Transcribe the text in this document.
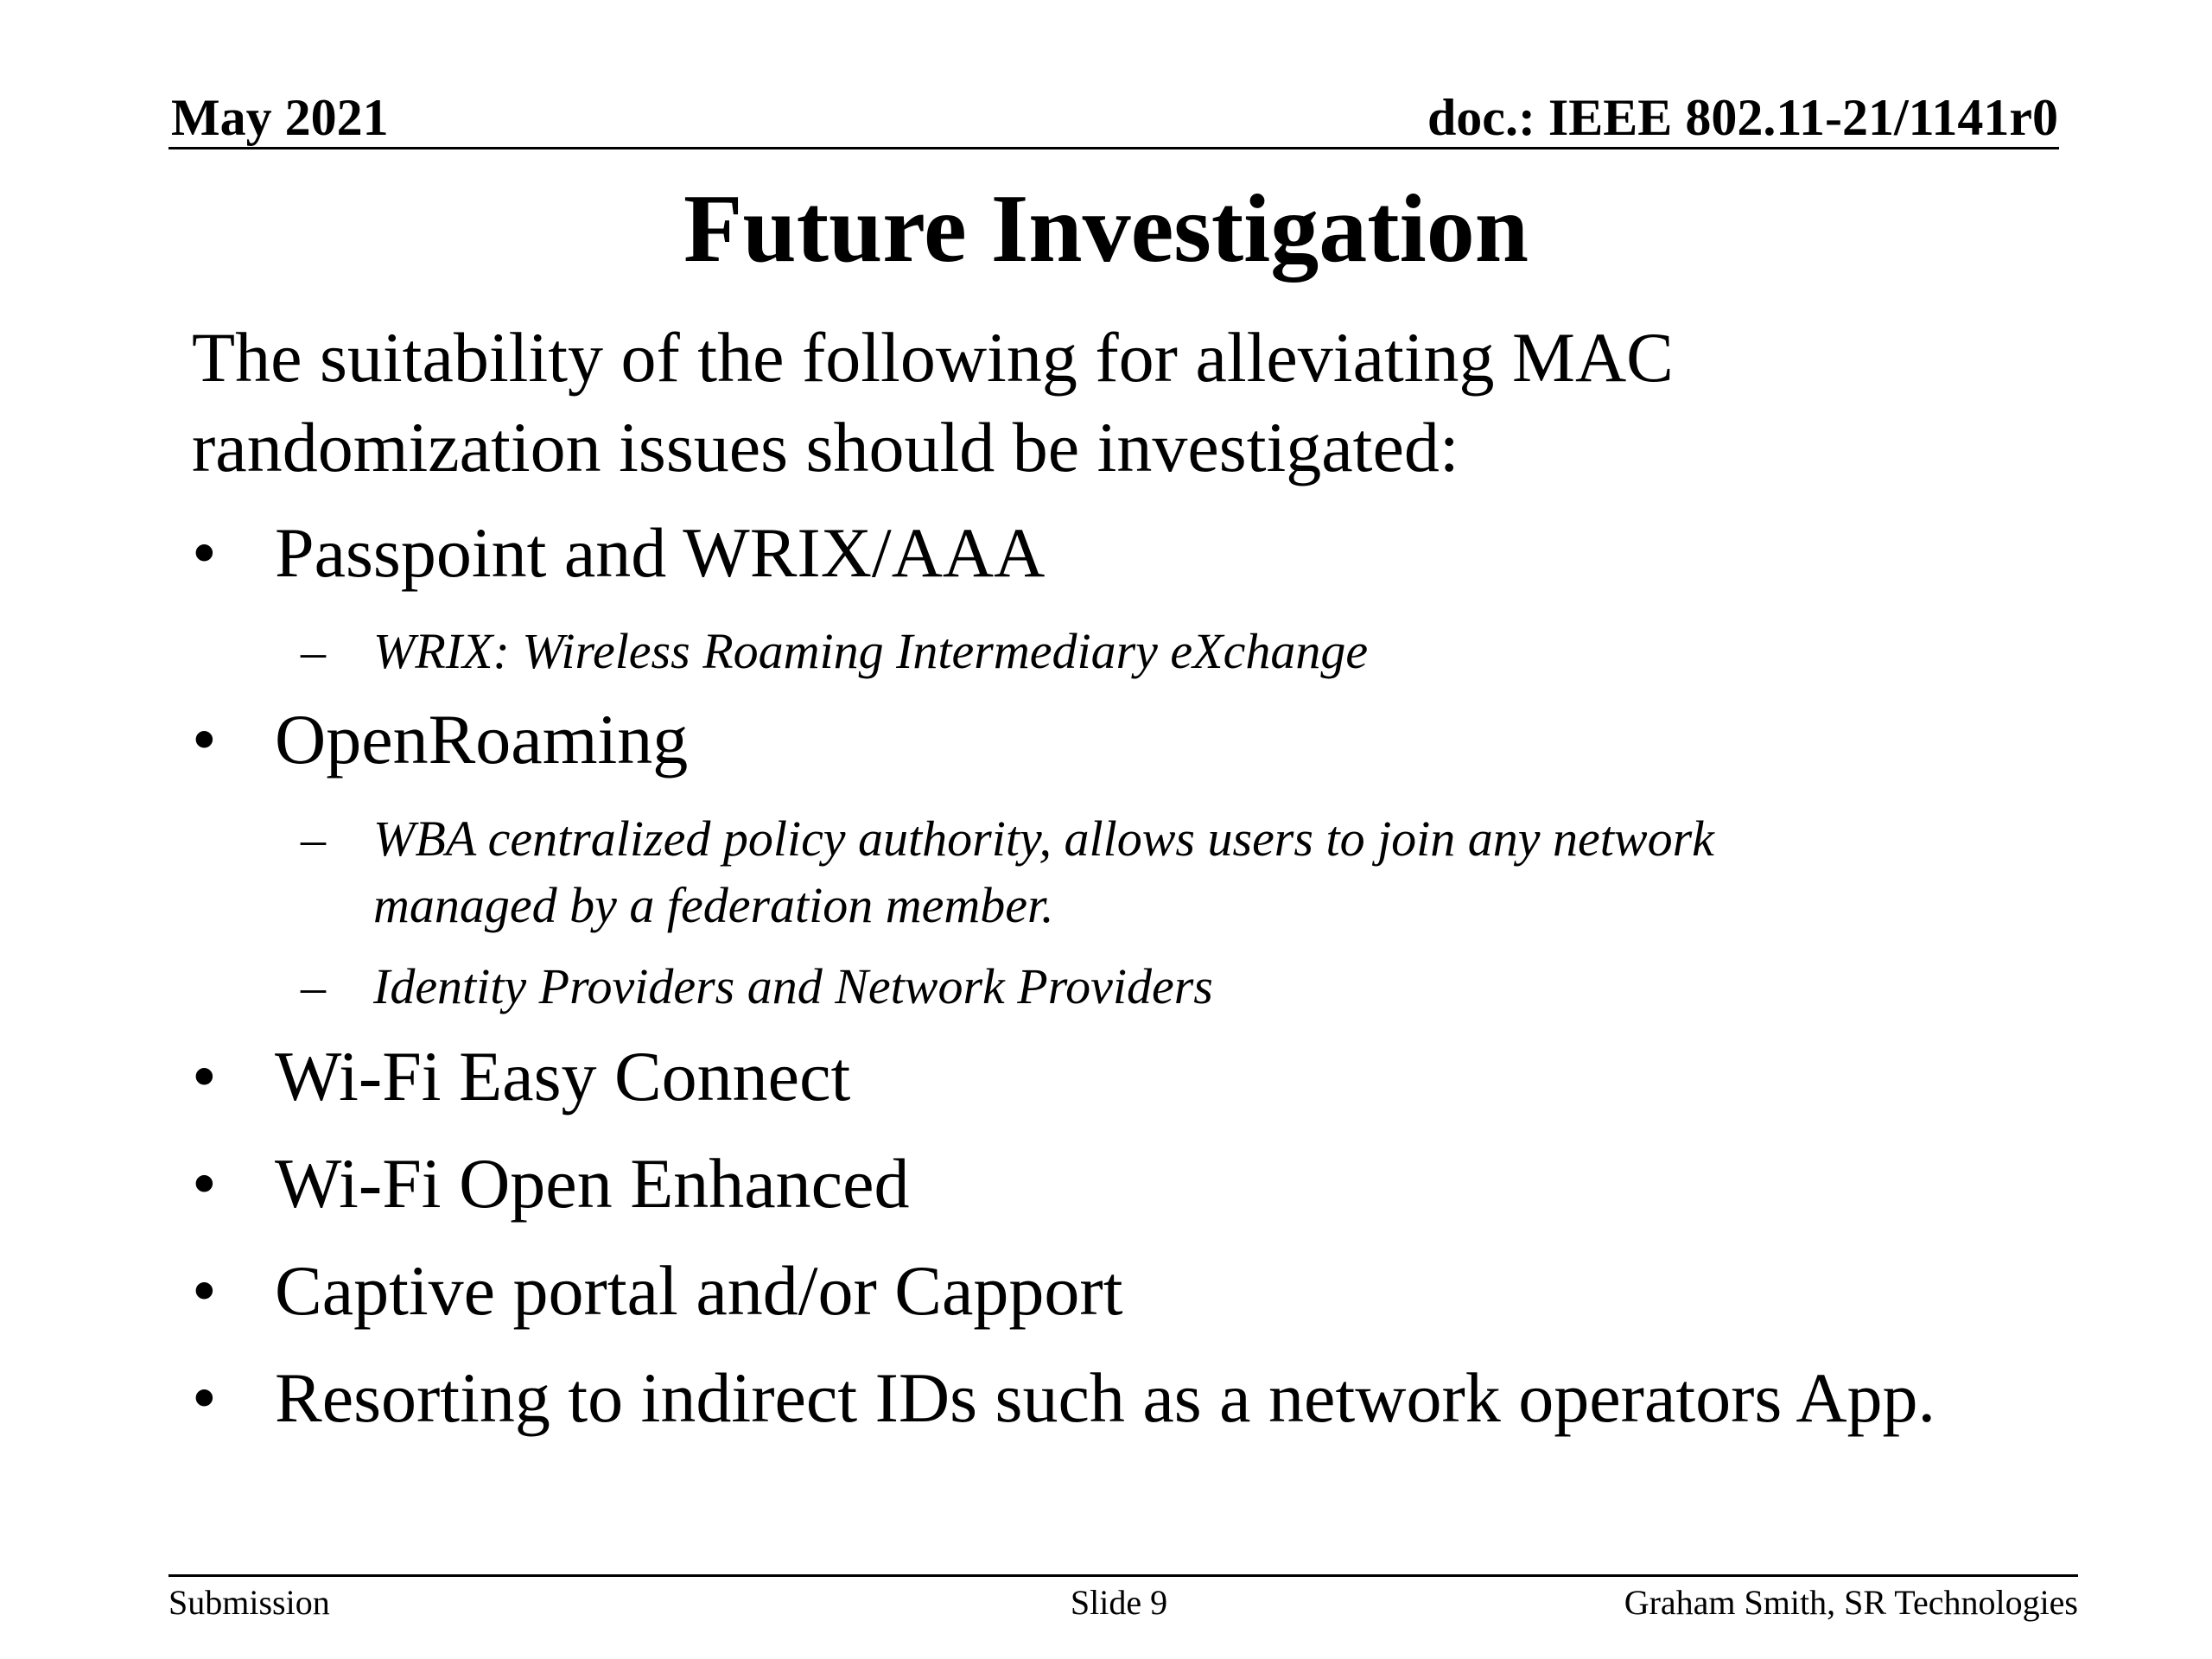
May 2021	doc.: IEEE 802.11-21/1141r0
Future Investigation
The suitability of the following for alleviating MAC
randomization issues should be investigated:
• Passpoint and WRIX/AAA
– WRIX: Wireless Roaming Intermediary eXchange
• OpenRoaming
– WBA centralized policy authority, allows users to join any network
managed by a federation member.
– Identity Providers and Network Providers
• Wi-Fi Easy Connect
• Wi-Fi Open Enhanced
• Captive portal and/or Capport
• Resorting to indirect IDs such as a network operators App.
Submission	Slide 9	Graham Smith, SR Technologies
